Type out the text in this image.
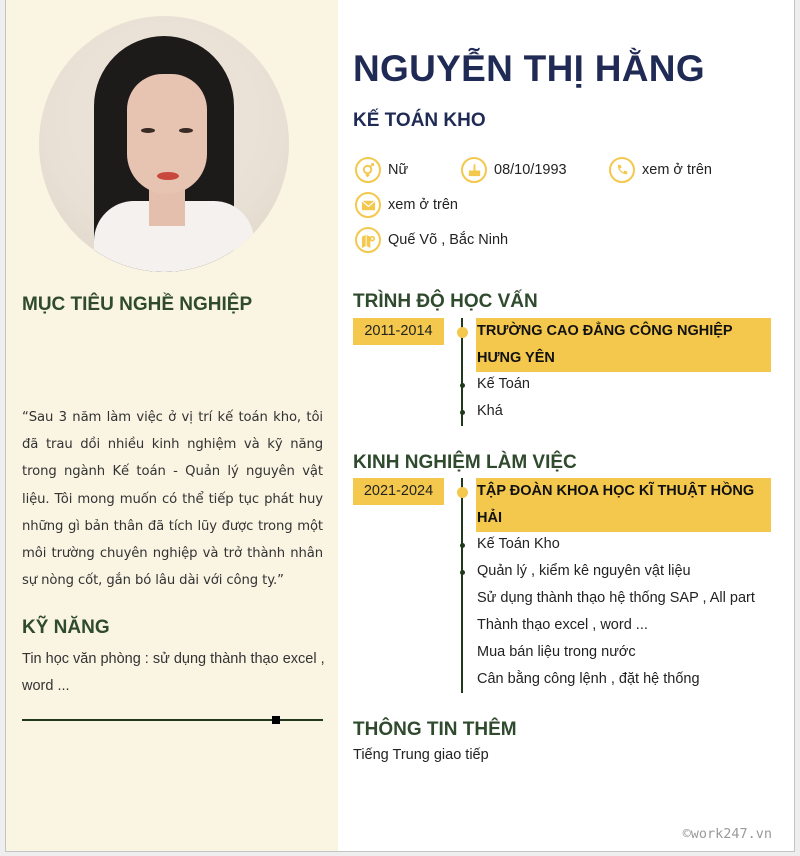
MỤC TIÊU NGHỀ NGHIỆP
“Sau 3 năm làm việc ở vị trí kế toán kho, tôi đã trau dồi nhiều kinh nghiệm và kỹ năng trong ngành Kế toán - Quản lý nguyên vật liệu. Tôi mong muốn có thể tiếp tục phát huy những gì bản thân đã tích lũy được trong một môi trường chuyên nghiệp và trở thành nhân sự nòng cốt, gắn bó lâu dài với công ty.”
KỸ NĂNG
Tin học văn phòng : sử dụng thành thạo excel , word ...
NGUYỄN THỊ HẰNG
KẾ TOÁN KHO
Nữ	08/10/1993	xem ở trên
xem ở trên
Quế Võ , Bắc Ninh
TRÌNH ĐỘ HỌC VẤN
2011-2014	TRƯỜNG CAO ĐẲNG CÔNG NGHIỆP HƯNG YÊN
Kế Toán
Khá
KINH NGHIỆM LÀM VIỆC
2021-2024	TẬP ĐOÀN KHOA HỌC KĨ THUẬT HỒNG HẢI
Kế Toán Kho
Quản lý , kiểm kê nguyên vật liệu
Sử dụng thành thạo hệ thống SAP , All part
Thành thạo excel , word ...
Mua bán liệu trong nước
Cân bằng công lệnh , đặt hệ thống
THÔNG TIN THÊM
Tiếng Trung giao tiếp
©work247.vn
